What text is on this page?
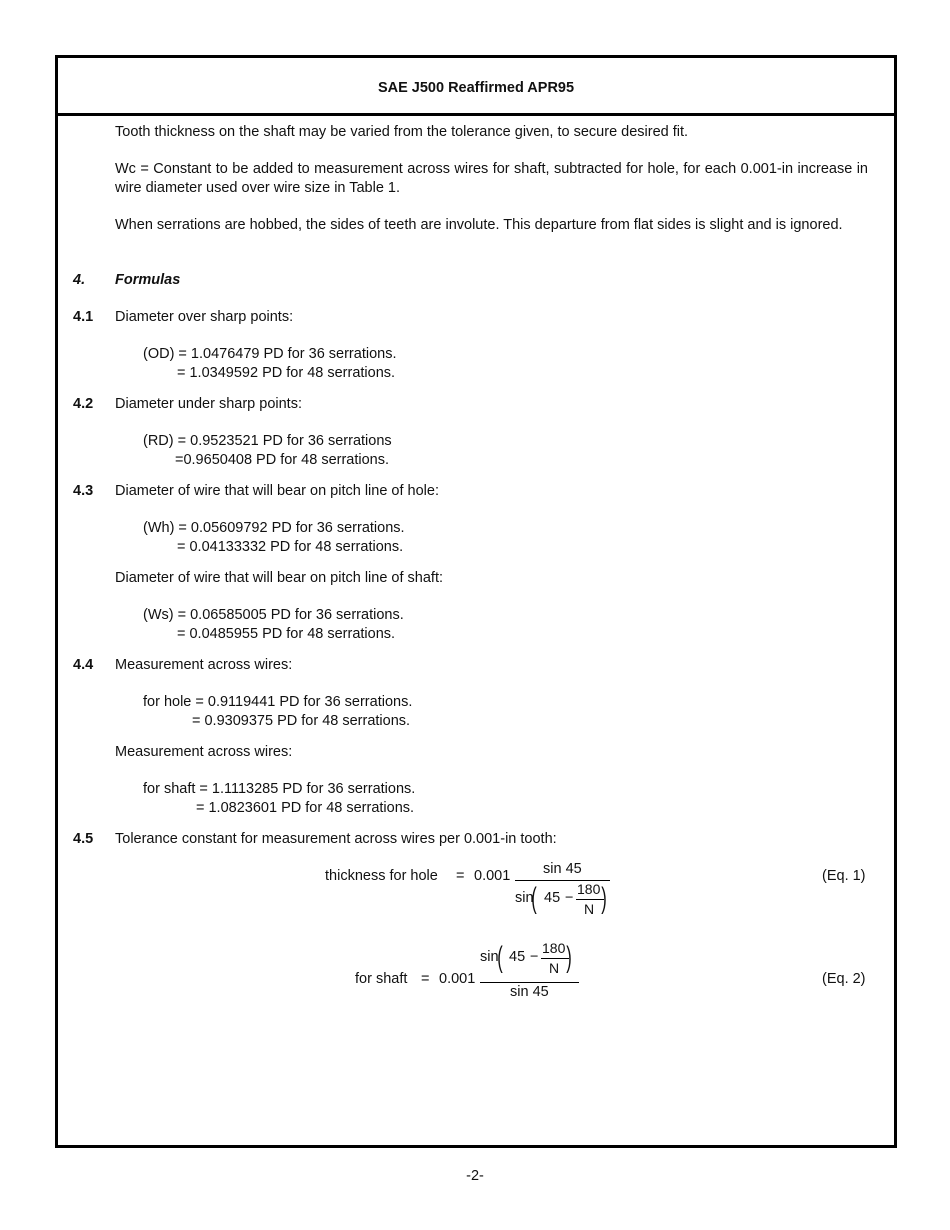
SAE J500 Reaffirmed APR95
Tooth thickness on the shaft may be varied from the tolerance given, to secure desired fit.
Wc = Constant to be added to measurement across wires for shaft, subtracted for hole, for each 0.001-in increase in wire diameter used over wire size in Table 1.
When serrations are hobbed, the sides of teeth are involute. This departure from flat sides is slight and is ignored.
4. Formulas
4.1 Diameter over sharp points:
(OD) = 1.0476479 PD for 36 serrations.
= 1.0349592 PD for 48 serrations.
4.2 Diameter under sharp points:
(RD) = 0.9523521 PD for 36 serrations
=0.9650408 PD for 48 serrations.
4.3 Diameter of wire that will bear on pitch line of hole:
(Wh) = 0.05609792 PD for 36 serrations.
= 0.04133332 PD for 48 serrations.
Diameter of wire that will bear on pitch line of shaft:
(Ws) = 0.06585005 PD for 36 serrations.
= 0.0485955 PD for 48 serrations.
4.4 Measurement across wires:
for hole = 0.9119441 PD for 36 serrations.
= 0.9309375 PD for 48 serrations.
Measurement across wires:
for shaft = 1.1113285 PD for 36 serrations.
= 1.0823601 PD for 48 serrations.
4.5 Tolerance constant for measurement across wires per 0.001-in tooth:
thickness for hole = 0.001 sin 45
sin
( 45 −
180
N )
(Eq. 1)
sin
( 45 −
180
N )
for shaft = 0.001
sin 45
(Eq. 2)
-2-
